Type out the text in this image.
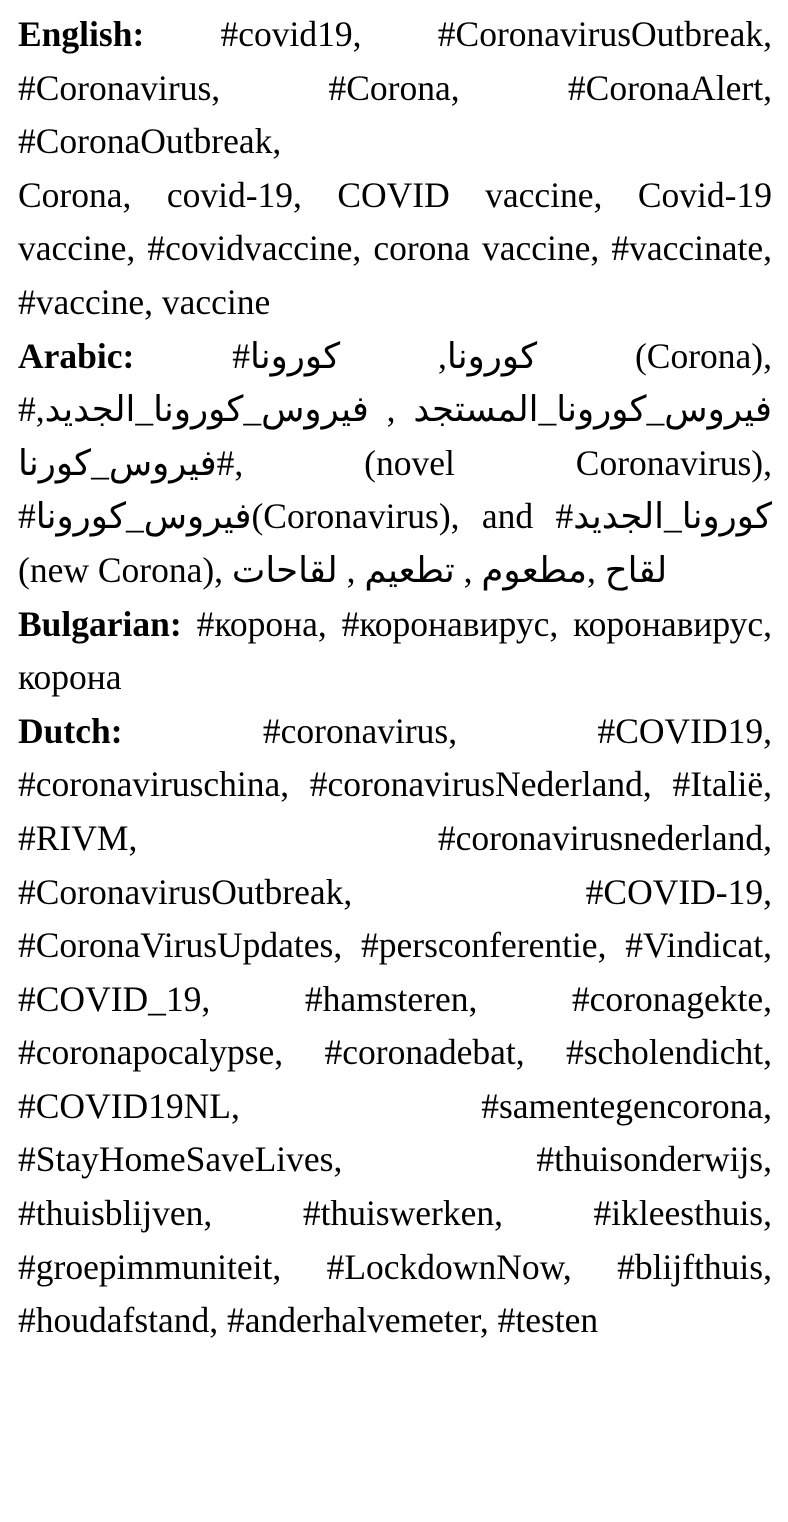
English: #covid19, #CoronavirusOutbreak, #Coronavirus, #Corona, #CoronaAlert, #CoronaOutbreak,

Corona, covid-19, COVID vaccine, Covid-19 vaccine, #covidvaccine, corona vaccine, #vaccinate, #vaccine, vaccine

Arabic:	#كورونا, كورونا (Corona), #فيروس_كورونا_المستجد , فيروس_كورونا_الجديد, #فيروس_كورنا, (novel Coronavirus), #فيروس_كورونا(Coronavirus), and #كورونا_الجديد (new Corona), لقاح ,مطعوم , تطعيم , لقاحات

Bulgarian: #корона, #коронавирус, коронавирус, корона

Dutch:	#coronavirus, #COVID19, #coronaviruschina, #coronavirusNederland, #Italië, #RIVM, #coronavirusnederland, #CoronavirusOutbreak, #COVID-19, #CoronaVirusUpdates, #persconferentie, #Vindicat, #COVID_19, #hamsteren, #coronagekte, #coronapocalypse, #coronadebat, #scholendicht, #COVID19NL, #samentegencorona, #StayHomeSaveLives, #thuisonderwijs, #thuisblijven, #thuiswerken, #ikleesthuis, #groepimmuniteit, #LockdownNow, #blijfthuis, #houdafstand, #anderhalvemeter, #testen
